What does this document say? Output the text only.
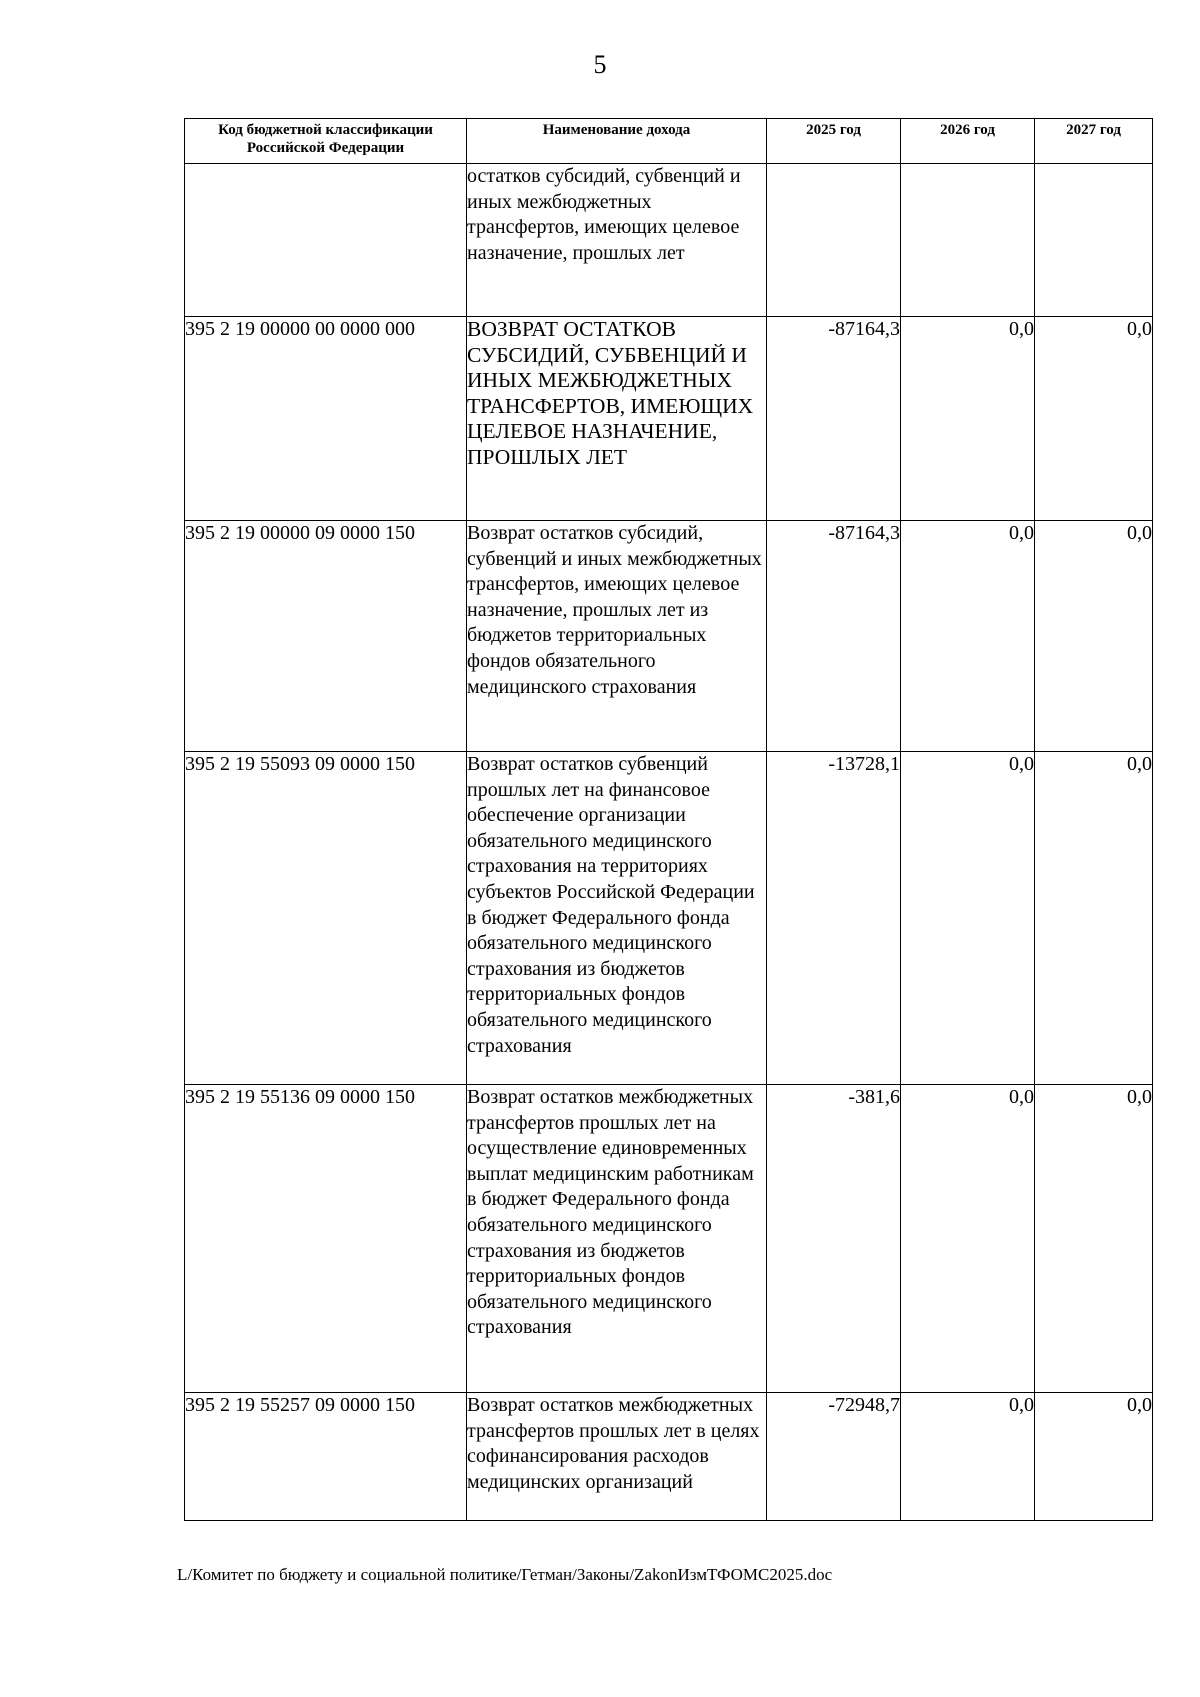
5
Код бюджетной классификации Российской Федерации	Наименование дохода	2025 год	2026 год	2027 год
	остатков субсидий, субвенций и иных межбюджетных трансфертов, имеющих целевое назначение, прошлых лет			
395 2 19 00000 00 0000 000	ВОЗВРАТ ОСТАТКОВ СУБСИДИЙ, СУБВЕНЦИЙ И ИНЫХ МЕЖБЮДЖЕТНЫХ ТРАНСФЕРТОВ, ИМЕЮЩИХ ЦЕЛЕВОЕ НАЗНАЧЕНИЕ, ПРОШЛЫХ ЛЕТ	-87164,3	0,0	0,0
395 2 19 00000 09 0000 150	Возврат остатков субсидий, субвенций и иных межбюджетных трансфертов, имеющих целевое назначение, прошлых лет из бюджетов территориальных фондов обязательного медицинского страхования	-87164,3	0,0	0,0
395 2 19 55093 09 0000 150	Возврат остатков субвенций прошлых лет на финансовое обеспечение организации обязательного медицинского страхования на территориях субъектов Российской Федерации в бюджет Федерального фонда обязательного медицинского страхования из бюджетов территориальных фондов обязательного медицинского страхования	-13728,1	0,0	0,0
395 2 19 55136 09 0000 150	Возврат остатков межбюджетных трансфертов прошлых лет на осуществление единовременных выплат медицинским работникам в бюджет Федерального фонда обязательного медицинского страхования из бюджетов территориальных фондов обязательного медицинского страхования	-381,6	0,0	0,0
395 2 19 55257 09 0000 150	Возврат остатков межбюджетных трансфертов прошлых лет в целях софинансирования расходов медицинских организаций	-72948,7	0,0	0,0
L/Комитет по бюджету и социальной политике/Гетман/Законы/ZakonИзмТФОМС2025.doc
